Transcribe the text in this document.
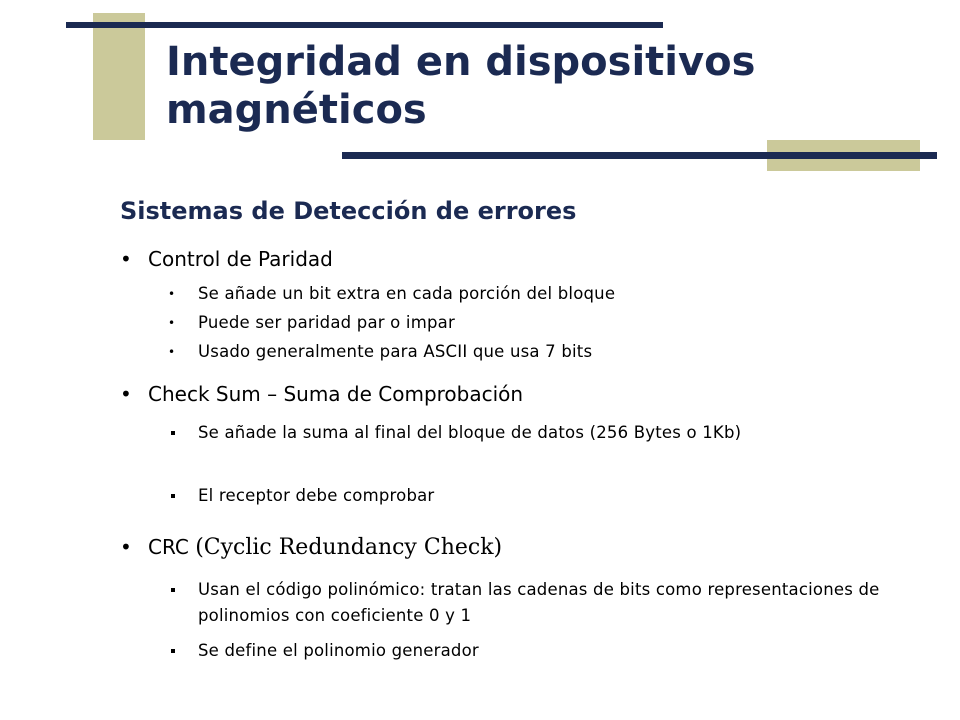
Integridad en dispositivos
magnéticos
Sistemas de Detección de errores
• Control de Paridad
•	Se añade un bit extra en cada porción del bloque
•	Puede ser paridad par o impar
•	Usado generalmente para ASCII que usa 7 bits
• Check Sum – Suma de Comprobación
Se añade la suma al final del bloque de datos (256 Bytes o 1Kb)
El receptor debe comprobar
• CRC (Cyclic Redundancy Check)
Usan el código polinómico: tratan las cadenas de bits como representaciones de polinomios con coeficiente 0 y 1
Se define el polinomio generador
